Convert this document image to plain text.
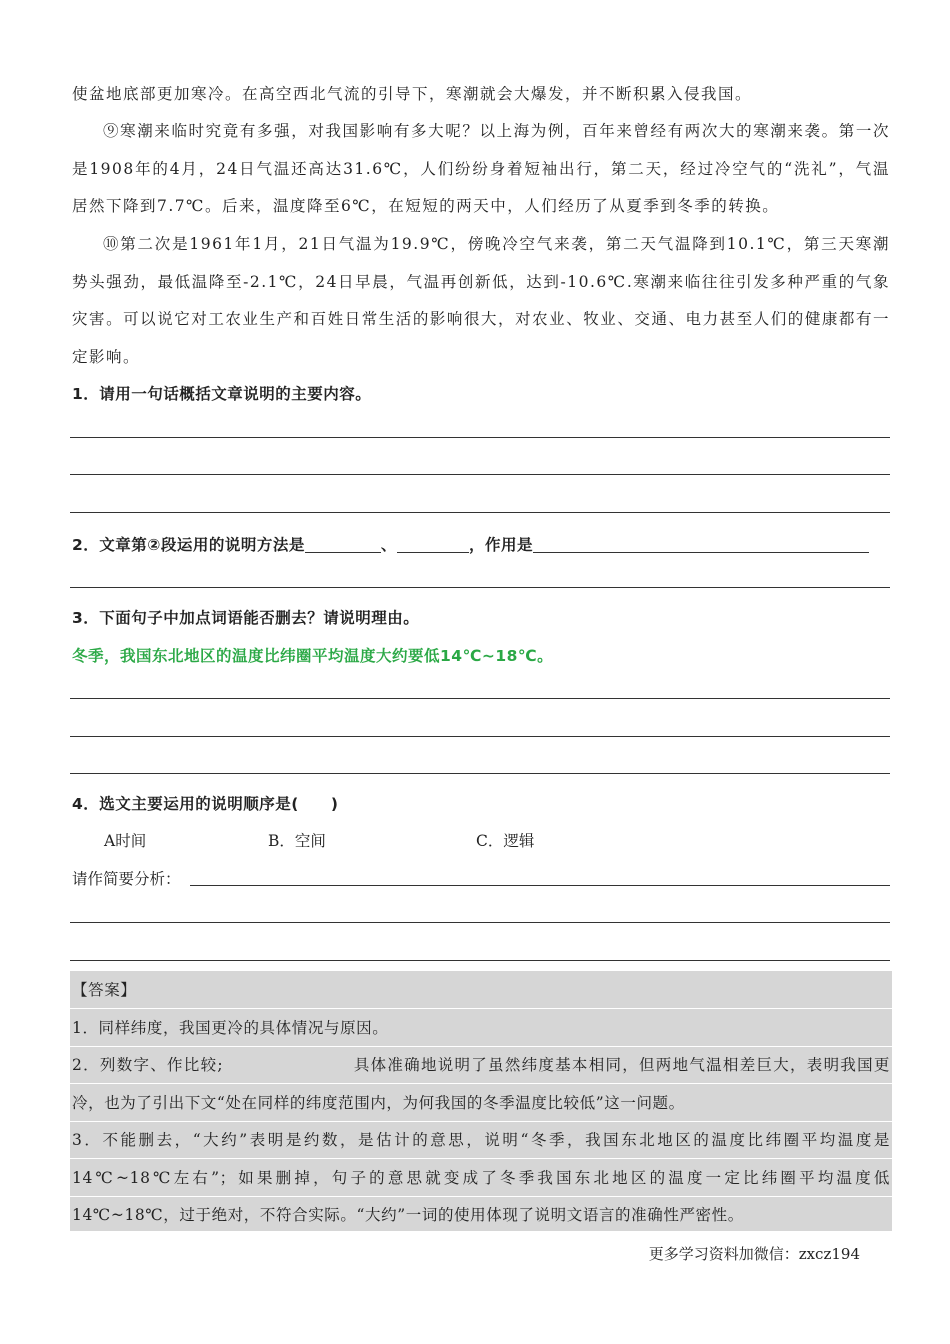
使盆地底部更加寒冷。在高空西北气流的引导下，寒潮就会大爆发，并不断积累入侵我国。
⑨寒潮来临时究竟有多强，对我国影响有多大呢？以上海为例，百年来曾经有两次大的寒潮来袭。第一次是1908年的4月，24日气温还高达31.6℃，人们纷纷身着短袖出行，第二天，经过冷空气的“洗礼”，气温居然下降到7.7℃。后来，温度降至6℃，在短短的两天中，人们经历了从夏季到冬季的转换。
⑩第二次是1961年1月，21日气温为19.9℃，傍晚冷空气来袭，第二天气温降到10.1℃，第三天寒潮势头强劲，最低温降至-2.1℃，24日早晨，气温再创新低，达到-10.6℃.寒潮来临往往引发多种严重的气象灾害。可以说它对工农业生产和百姓日常生活的影响很大，对农业、牧业、交通、电力甚至人们的健康都有一定影响。
1．请用一句话概括文章说明的主要内容。
2．文章第②段运用的说明方法是	、	，作用是
3．下面句子中加点词语能否删去？请说明理由。
冬季，我国东北地区的温度比纬圈平均温度大约要低14℃~18℃。
4．选文主要运用的说明顺序是(　　)
A时间	B．空间	C．逻辑
请作简要分析：
【答案】
1．同样纬度，我国更冷的具体情况与原因。
2．列数字、作比较;	具体准确地说明了虽然纬度基本相同，但两地气温相差巨大，表明我国更冷，也为了引出下文“处在同样的纬度范围内，为何我国的冬季温度比较低”这一问题。
3．不能删去，“大约”表明是约数，是估计的意思，说明“冬季，我国东北地区的温度比纬圈平均温度是14℃~18℃左右”；如果删掉，句子的意思就变成了冬季我国东北地区的温度一定比纬圈平均温度低14℃~18℃，过于绝对，不符合实际。“大约”一词的使用体现了说明文语言的准确性严密性。
更多学习资料加微信：zxcz194
